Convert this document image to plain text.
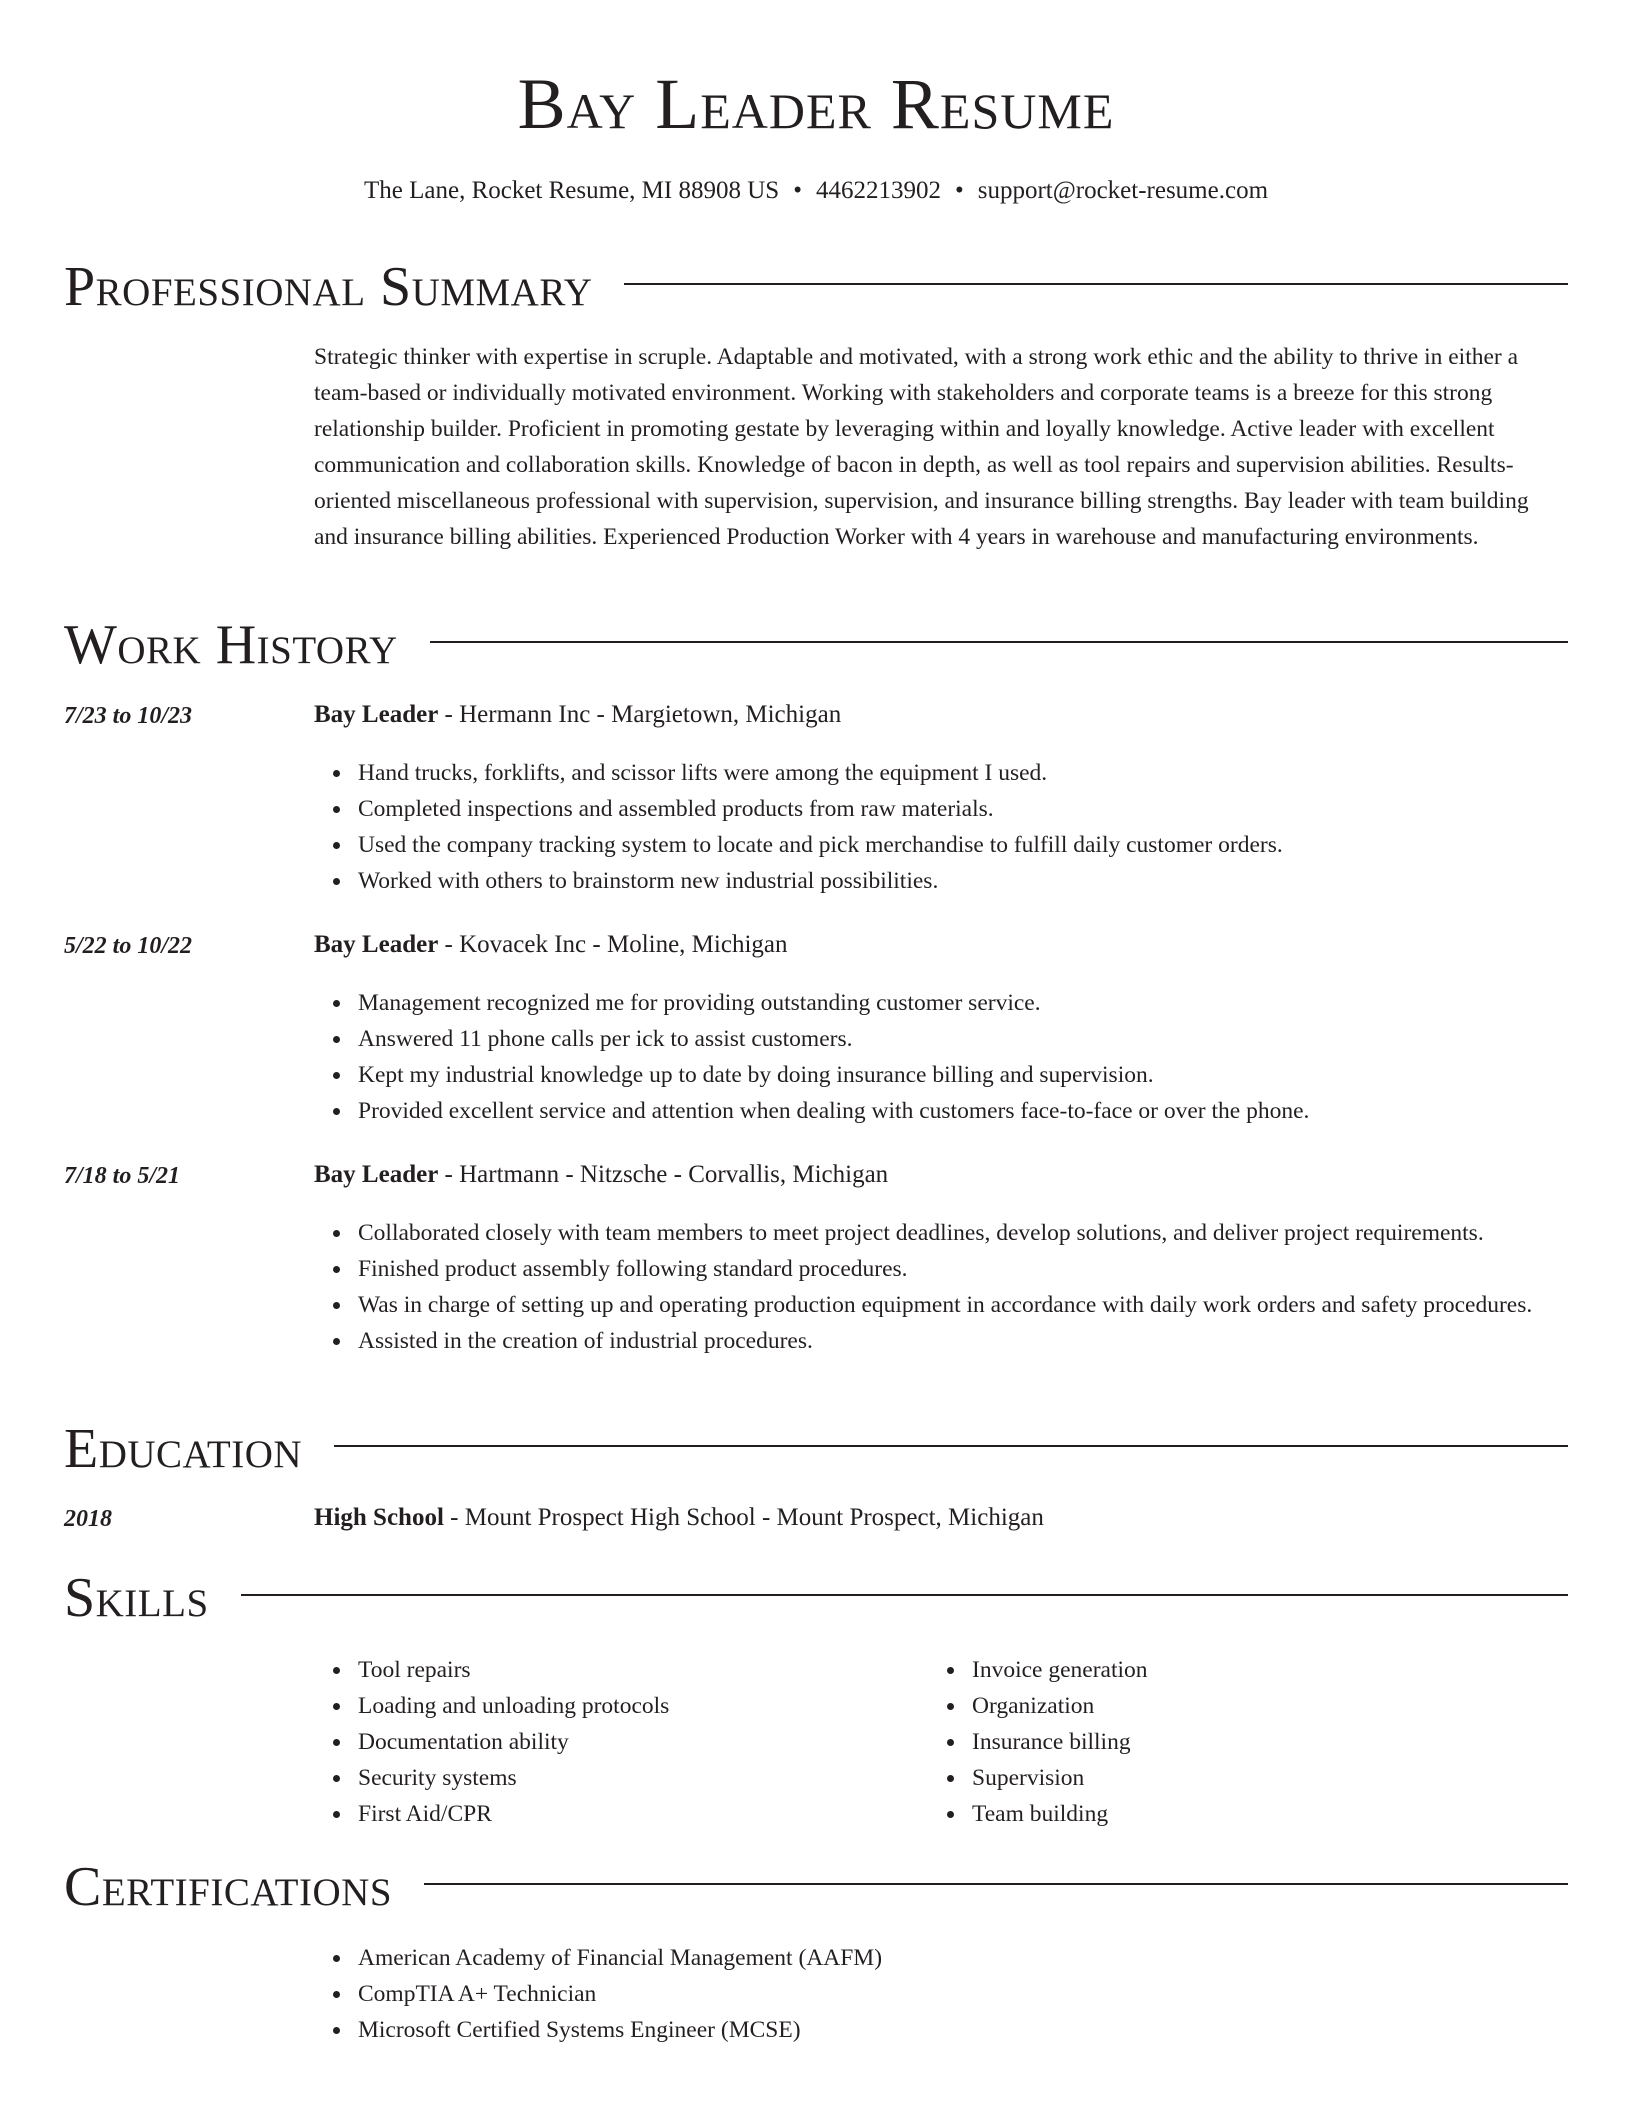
Bay Leader Resume
The Lane, Rocket Resume, MI 88908 US • 4462213902 • support@rocket-resume.com
Professional Summary

Strategic thinker with expertise in scruple. Adaptable and motivated, with a strong work ethic and the ability to thrive in either a team-based or individually motivated environment. Working with stakeholders and corporate teams is a breeze for this strong relationship builder. Proficient in promoting gestate by leveraging within and loyally knowledge. Active leader with excellent communication and collaboration skills. Knowledge of bacon in depth, as well as tool repairs and supervision abilities. Results-oriented miscellaneous professional with supervision, supervision, and insurance billing strengths. Bay leader with team building and insurance billing abilities. Experienced Production Worker with 4 years in warehouse and manufacturing environments.

Work History
7/23 to 10/23	Bay Leader - Hermann Inc - Margietown, Michigan
Hand trucks, forklifts, and scissor lifts were among the equipment I used.
Completed inspections and assembled products from raw materials.
Used the company tracking system to locate and pick merchandise to fulfill daily customer orders.
Worked with others to brainstorm new industrial possibilities.
5/22 to 10/22	Bay Leader - Kovacek Inc - Moline, Michigan
Management recognized me for providing outstanding customer service.
Answered 11 phone calls per ick to assist customers.
Kept my industrial knowledge up to date by doing insurance billing and supervision.
Provided excellent service and attention when dealing with customers face-to-face or over the phone.
7/18 to 5/21	Bay Leader - Hartmann - Nitzsche - Corvallis, Michigan
Collaborated closely with team members to meet project deadlines, develop solutions, and deliver project requirements.
Finished product assembly following standard procedures.
Was in charge of setting up and operating production equipment in accordance with daily work orders and safety procedures.
Assisted in the creation of industrial procedures.
Education
2018	High School - Mount Prospect High School - Mount Prospect, Michigan
Skills
Tool repairs
Loading and unloading protocols
Documentation ability
Security systems
First Aid/CPR
Invoice generation
Organization
Insurance billing
Supervision
Team building
Certifications
American Academy of Financial Management (AAFM)
CompTIA A+ Technician
Microsoft Certified Systems Engineer (MCSE)
